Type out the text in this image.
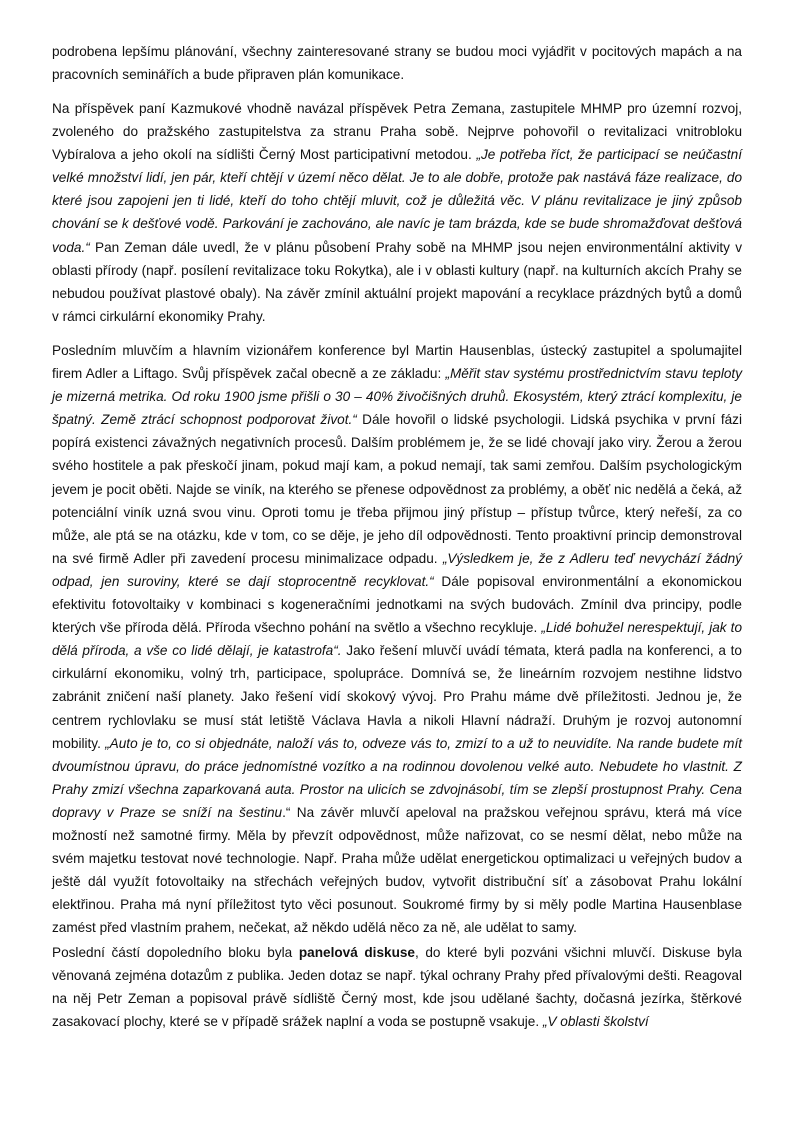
podrobena lepšímu plánování, všechny zainteresované strany se budou moci vyjádřit v pocitových mapách a na pracovních seminářích a bude připraven plán komunikace.

Na příspěvek paní Kazmukové vhodně navázal příspěvek Petra Zemana, zastupitele MHMP pro územní rozvoj, zvoleného do pražského zastupitelstva za stranu Praha sobě. Nejprve pohovořil o revitalizaci vnitrobloku Vybíralova a jeho okolí na sídlišti Černý Most participativní metodou. „Je potřeba říct, že participací se neúčastní velké množství lidí, jen pár, kteří chtějí v území něco dělat. Je to ale dobře, protože pak nastává fáze realizace, do které jsou zapojeni jen ti lidé, kteří do toho chtějí mluvit, což je důležitá věc. V plánu revitalizace je jiný způsob chování se k dešťové vodě. Parkování je zachováno, ale navíc je tam brázda, kde se bude shromažďovat dešťová voda.“ Pan Zeman dále uvedl, že v plánu působení Prahy sobě na MHMP jsou nejen environmentální aktivity v oblasti přírody (např. posílení revitalizace toku Rokytka), ale i v oblasti kultury (např. na kulturních akcích Prahy se nebudou používat plastové obaly). Na závěr zmínil aktuální projekt mapování a recyklace prázdných bytů a domů v rámci cirkulární ekonomiky Prahy.

Posledním mluvčím a hlavním vizionářem konference byl Martin Hausenblas, ústecký zastupitel a spolumajitel firem Adler a Liftago. Svůj příspěvek začal obecně a ze základu: „Měřit stav systému prostřednictvím stavu teploty je mizerná metrika. Od roku 1900 jsme přišli o 30 – 40% živočišných druhů. Ekosystém, který ztrácí komplexitu, je špatný. Země ztrácí schopnost podporovat život.“ Dále hovořil o lidské psychologii. Lidská psychika v první fázi popírá existenci závažných negativních procesů. Dalším problémem je, že se lidé chovají jako viry. Žerou a žerou svého hostitele a pak přeskočí jinam, pokud mají kam, a pokud nemají, tak sami zemřou. Dalším psychologickým jevem je pocit oběti. Najde se viník, na kterého se přenese odpovědnost za problémy, a oběť nic nedělá a čeká, až potenciální viník uzná svou vinu. Oproti tomu je třeba přijmou jiný přístup – přístup tvůrce, který neřeší, za co může, ale ptá se na otázku, kde v tom, co se děje, je jeho díl odpovědnosti. Tento proaktivní princip demonstroval na své firmě Adler při zavedení procesu minimalizace odpadu. „Výsledkem je, že z Adleru teď nevychází žádný odpad, jen suroviny, které se dají stoprocentně recyklovat.“ Dále popisoval environmentální a ekonomickou efektivitu fotovoltaiky v kombinaci s kogeneračními jednotkami na svých budovách. Zmínil dva principy, podle kterých vše příroda dělá. Příroda všechno pohání na světlo a všechno recykluje. „Lidé bohužel nerespektují, jak to dělá příroda, a vše co lidé dělají, je katastrofa“. Jako řešení mluvčí uvádí témata, která padla na konferenci, a to cirkulární ekonomiku, volný trh, participace, spolupráce. Domnívá se, že lineárním rozvojem nestihne lidstvo zabránit zničení naší planety. Jako řešení vidí skokový vývoj. Pro Prahu máme dvě příležitosti. Jednou je, že centrem rychlovlaku se musí stát letiště Václava Havla a nikoli Hlavní nádraží. Druhým je rozvoj autonomní mobility. „Auto je to, co si objednáte, naloží vás to, odveze vás to, zmizí to a už to neuvidíte. Na rande budete mít dvoumístnou úpravu, do práce jednomístné vozítko a na rodinnou dovolenou velké auto. Nebudete ho vlastnit. Z Prahy zmizí všechna zaparkovaná auta. Prostor na ulicích se zdvojnásobí, tím se zlepší prostupnost Prahy. Cena dopravy v Praze se sníží na šestinu.“ Na závěr mluvčí apeloval na pražskou veřejnou správu, která má více možností než samotné firmy. Měla by převzít odpovědnost, může nařizovat, co se nesmí dělat, nebo může na svém majetku testovat nové technologie. Např. Praha může udělat energetickou optimalizaci u veřejných budov a ještě dál využít fotovoltaiky na střechách veřejných budov, vytvořit distribuční síť a zásobovat Prahu lokální elektřinou. Praha má nyní příležitost tyto věci posunout. Soukromé firmy by si měly podle Martina Hausenblase zamést před vlastním prahem, nečekat, až někdo udělá něco za ně, ale udělat to samy.

Poslední částí dopoledního bloku byla panelová diskuse, do které byli pozváni všichni mluvčí. Diskuse byla věnovaná zejména dotazům z publika. Jeden dotaz se např. týkal ochrany Prahy před přívalovými dešti. Reagoval na něj Petr Zeman a popisoval právě sídliště Černý most, kde jsou udělané šachty, dočasná jezírka, štěrkové zasakovací plochy, které se v případě srážek naplní a voda se postupně vsakuje. „V oblasti školství
